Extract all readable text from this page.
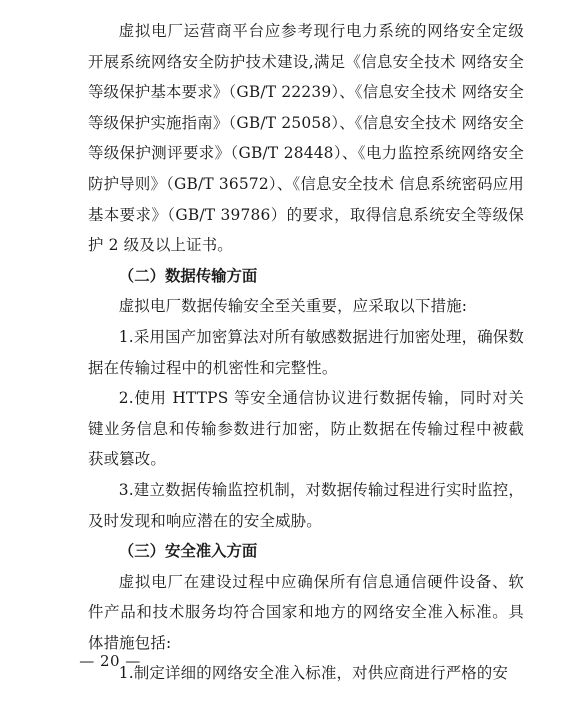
虚拟电厂运营商平台应参考现行电力系统的网络安全定级开展系统网络安全防护技术建设,满足《信息安全技术 网络安全等级保护基本要求》（GB/T 22239）、《信息安全技术 网络安全等级保护实施指南》（GB/T 25058）、《信息安全技术 网络安全等级保护测评要求》（GB/T 28448）、《电力监控系统网络安全防护导则》（GB/T 36572）、《信息安全技术 信息系统密码应用基本要求》（GB/T 39786）的要求，取得信息系统安全等级保护 2 级及以上证书。

（二）数据传输方面

虚拟电厂数据传输安全至关重要，应采取以下措施:

1.采用国产加密算法对所有敏感数据进行加密处理，确保数据在传输过程中的机密性和完整性。

2.使用 HTTPS 等安全通信协议进行数据传输，同时对关键业务信息和传输参数进行加密，防止数据在传输过程中被截获或篡改。

3.建立数据传输监控机制，对数据传输过程进行实时监控，及时发现和响应潜在的安全威胁。

（三）安全准入方面

虚拟电厂在建设过程中应确保所有信息通信硬件设备、软件产品和技术服务均符合国家和地方的网络安全准入标准。具体措施包括:

1.制定详细的网络安全准入标准，对供应商进行严格的安

— 20 —
